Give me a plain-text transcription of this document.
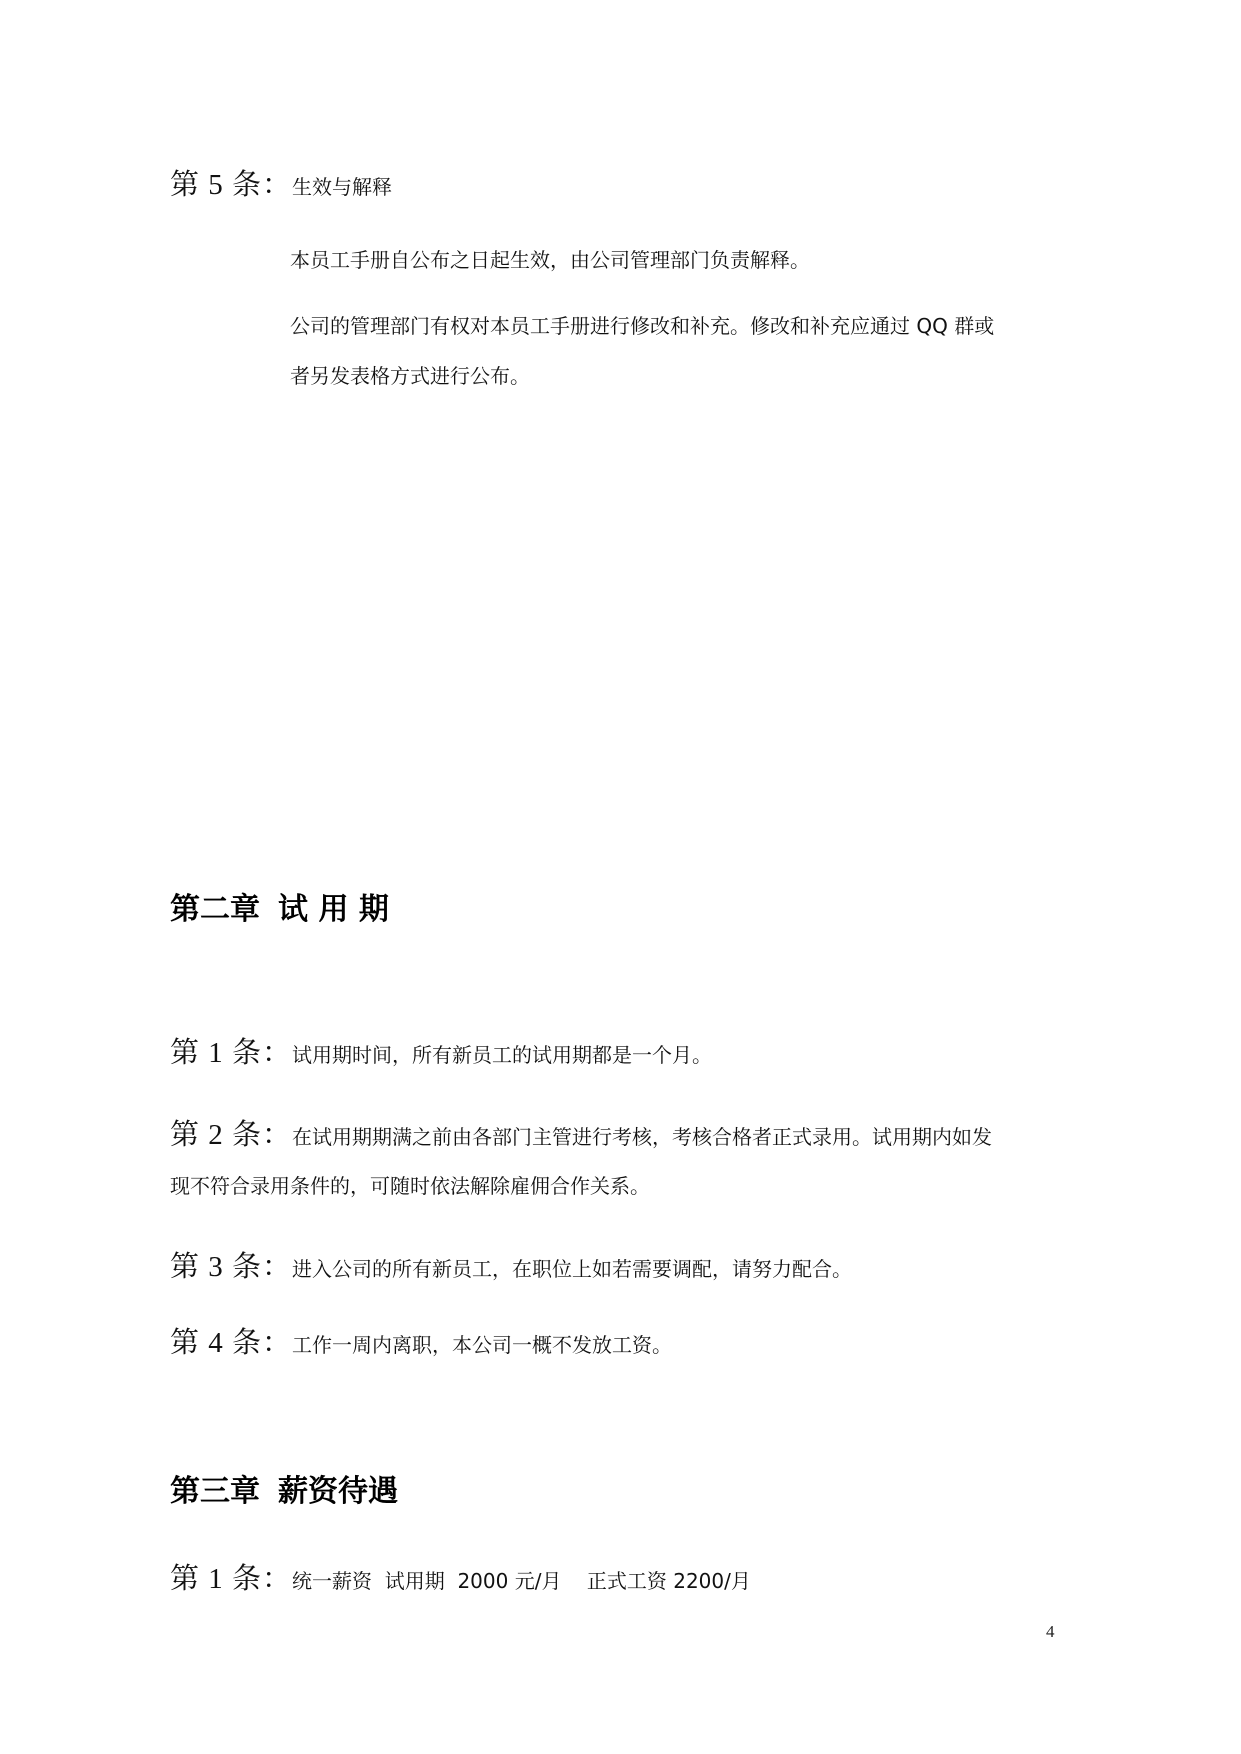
第 5 条：生效与解释
本员工手册自公布之日起生效，由公司管理部门负责解释。
公司的管理部门有权对本员工手册进行修改和补充。修改和补充应通过 QQ 群或
者另发表格方式进行公布。
第二章 试 用 期
第 1 条：试用期时间，所有新员工的试用期都是一个月。
第 2 条：在试用期期满之前由各部门主管进行考核，考核合格者正式录用。试用期内如发
现不符合录用条件的，可随时依法解除雇佣合作关系。
第 3 条：进入公司的所有新员工，在职位上如若需要调配，请努力配合。
第 4 条：工作一周内离职，本公司一概不发放工资。
第三章 薪资待遇
第 1 条：统一薪资  试用期  2000 元/月    正式工资 2200/月
4
